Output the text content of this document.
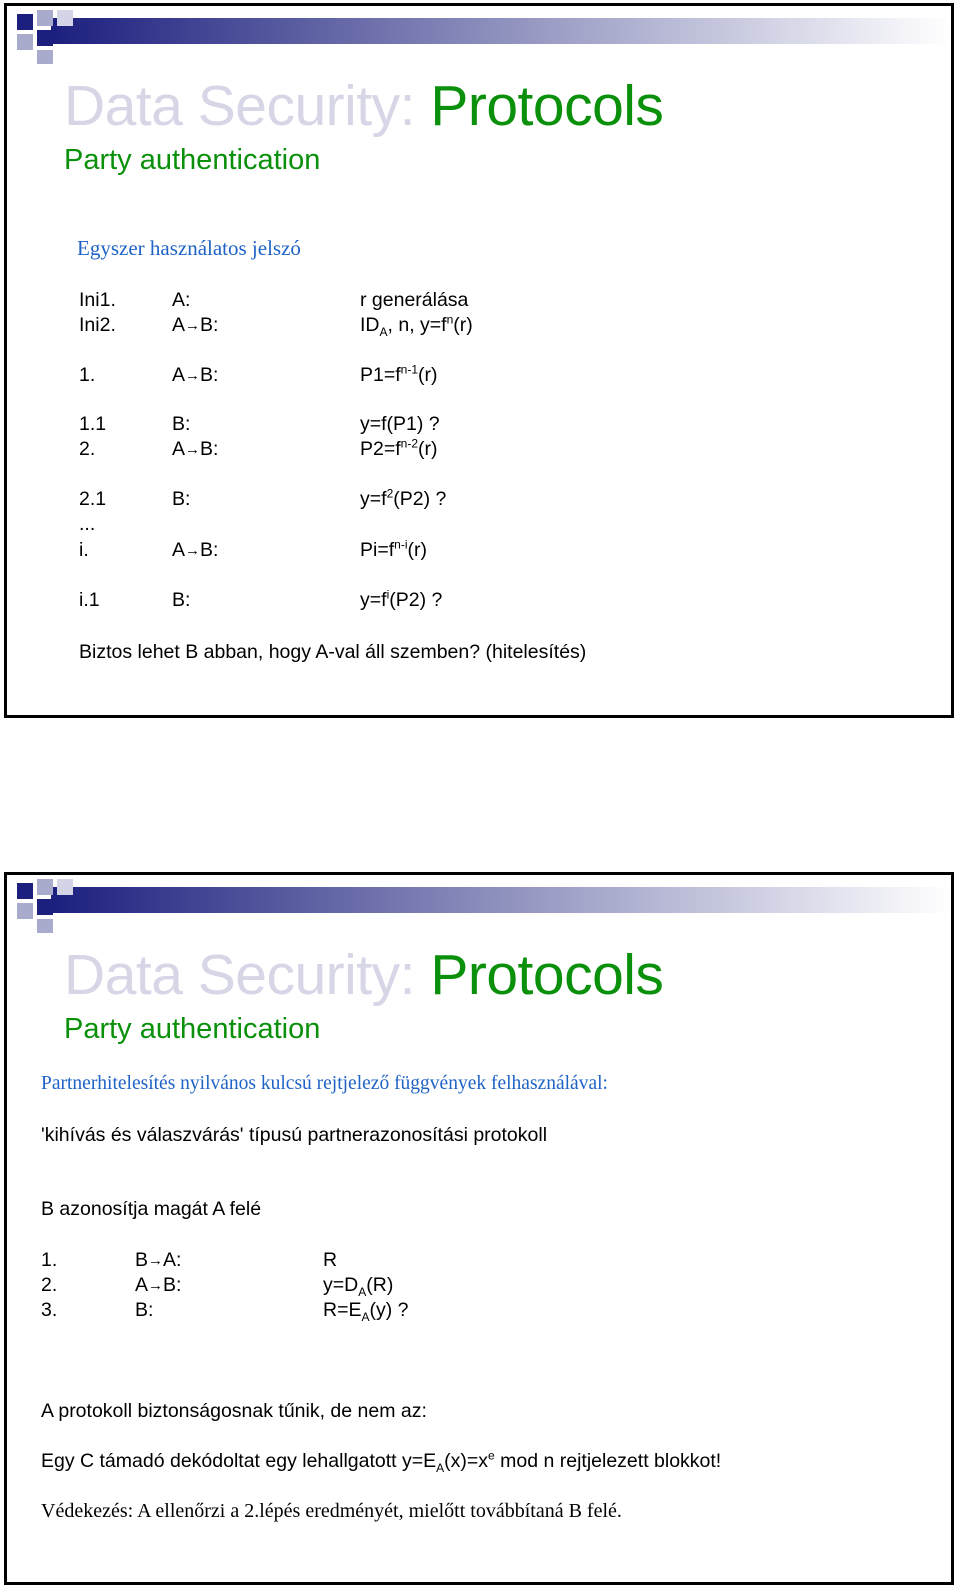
Data Security: Protocols
Party authentication
Egyszer használatos jelszó
Ini1.	A:	r generálása
Ini2.	A→B:	$ID_A$, n, $y=f^n(r)$
1.	A→B:	$P1=f^{n-1}(r)$
1.1	B:	y=f(P1) ?
2.	A→B:	$P2=f^{n-2}(r)$
2.1	B:	$y=f^2(P2)$ ?
...
i.	A→B:	$Pi=f^{n-i}(r)$
i.1	B:	$y=f^i(P2)$ ?
Biztos lehet B abban, hogy A-val áll szemben? (hitelesítés)
Data Security: Protocols
Party authentication
Partnerhitelesítés nyilvános kulcsú rejtjelező függvények felhasználával:
'kihívás és válaszvárás' típusú partnerazonosítási protokoll
B azonosítja magát A felé
1.	B→A:	R
2.	A→B:	$y=D_A(R)$
3.	B:	$R=E_A(y)$ ?
A protokoll biztonságosnak tűnik, de nem az:
Egy C támadó dekódoltat egy lehallgatott $y=E_A(x)=x^e$ mod n rejtjelezett blokkot!
Védekezés: A ellenőrzi a 2.lépés eredményét, mielőtt továbbítaná B felé.
